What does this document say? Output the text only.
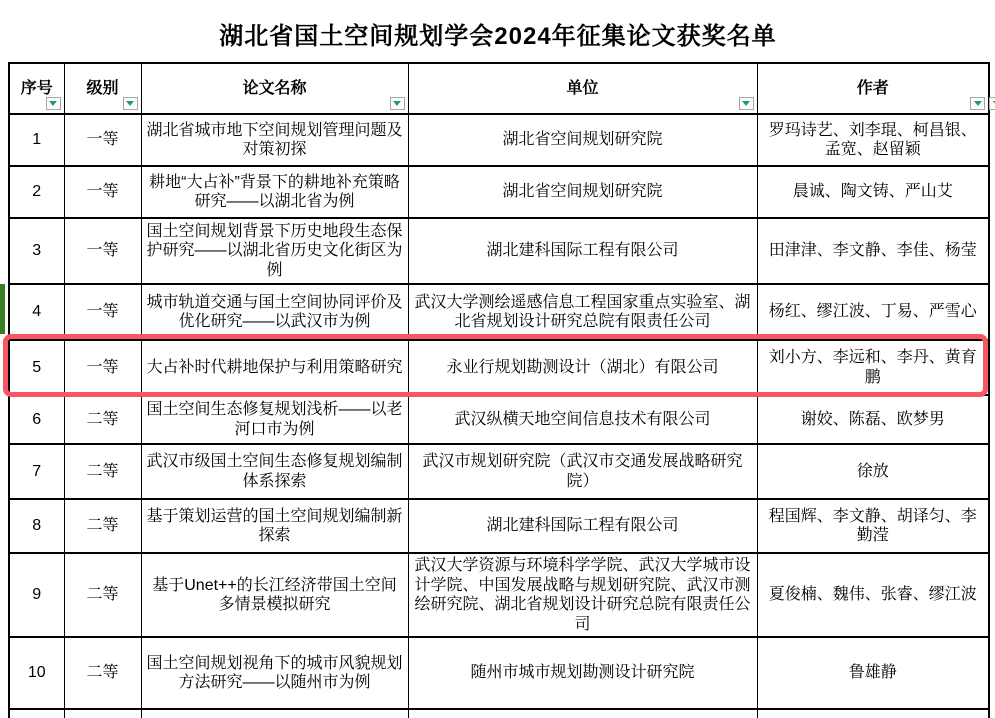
湖北省国土空间规划学会2024年征集论文获奖名单
序号	级别	论文名称	单位	作者

1	一等	湖北省城市地下空间规划管理问题及对策初探	湖北省空间规划研究院	罗玛诗艺、刘李琨、柯昌银、孟宽、赵留颖
2	一等	耕地“大占补”背景下的耕地补充策略研究——以湖北省为例	湖北省空间规划研究院	晨诚、陶文铸、严山艾
3	一等	国土空间规划背景下历史地段生态保护研究——以湖北省历史文化街区为例	湖北建科国际工程有限公司	田津津、李文静、李佳、杨莹
4	一等	城市轨道交通与国土空间协同评价及优化研究——以武汉市为例	武汉大学测绘遥感信息工程国家重点实验室、湖北省规划设计研究总院有限责任公司	杨红、缪江波、丁易、严雪心
5	一等	大占补时代耕地保护与利用策略研究	永业行规划勘测设计（湖北）有限公司	刘小方、李远和、李丹、黄育鹏
6	二等	国土空间生态修复规划浅析——以老河口市为例	武汉纵横天地空间信息技术有限公司	谢姣、陈磊、欧梦男
7	二等	武汉市级国土空间生态修复规划编制体系探索	武汉市规划研究院（武汉市交通发展战略研究院）	徐放
8	二等	基于策划运营的国土空间规划编制新探索	湖北建科国际工程有限公司	程国辉、李文静、胡译匀、李勤滢
9	二等	基于Unet++的长江经济带国土空间多情景模拟研究	武汉大学资源与环境科学学院、武汉大学城市设计学院、中国发展战略与规划研究院、武汉市测绘研究院、湖北省规划设计研究总院有限责任公司	夏俊楠、魏伟、张睿、缪江波
10	二等	国土空间规划视角下的城市风貌规划方法研究——以随州市为例	随州市城市规划勘测设计研究院	鲁雄静
